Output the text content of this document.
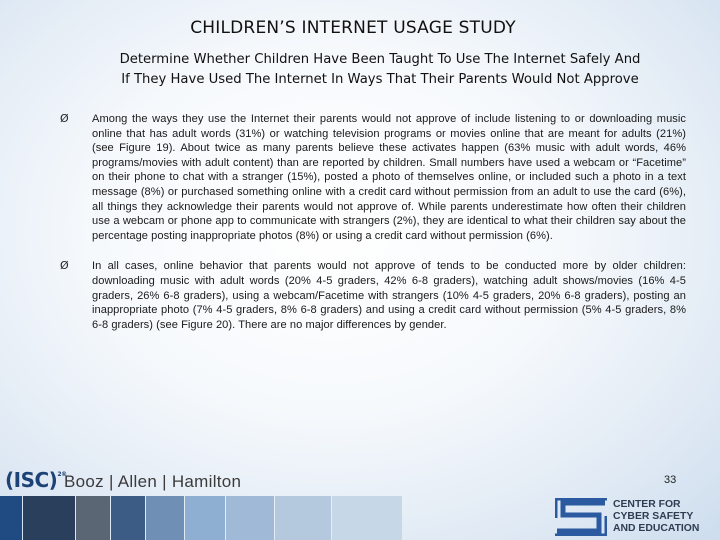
CHILDREN’S INTERNET USAGE STUDY
Determine Whether Children Have Been Taught To Use The Internet Safely And
If They Have Used The Internet In Ways That Their Parents Would Not Approve
Ø Among the ways they use the Internet their parents would not approve of include listening to or downloading music online that has adult words (31%) or watching television programs or movies online that are meant for adults (21%) (see Figure 19). About twice as many parents believe these activates happen (63% music with adult words, 46% programs/movies with adult content) than are reported by children. Small numbers have used a webcam or “Facetime” on their phone to chat with a stranger (15%), posted a photo of themselves online, or included such a photo in a text message (8%) or purchased something online with a credit card without permission from an adult to use the card (6%), all things they acknowledge their parents would not approve of. While parents underestimate how often their children use a webcam or phone app to communicate with strangers (2%), they are identical to what their children say about the percentage posting inappropriate photos (8%) or using a credit card without permission (6%).
Ø In all cases, online behavior that parents would not approve of tends to be conducted more by older children: downloading music with adult words (20% 4-5 graders, 42% 6-8 graders), watching adult shows/movies (16% 4-5 graders, 26% 6-8 graders), using a webcam/Facetime with strangers (10% 4-5 graders, 20% 6-8 graders), posting an inappropriate photo (7% 4-5 graders, 8% 6-8 graders) and using a credit card without permission (5% 4-5 graders, 8% 6-8 graders) (see Figure 20). There are no major differences by gender.
(ISC)$^{2®}$
Booz | Allen | Hamilton	33
CENTER FOR
CYBER SAFETY
AND EDUCATION
